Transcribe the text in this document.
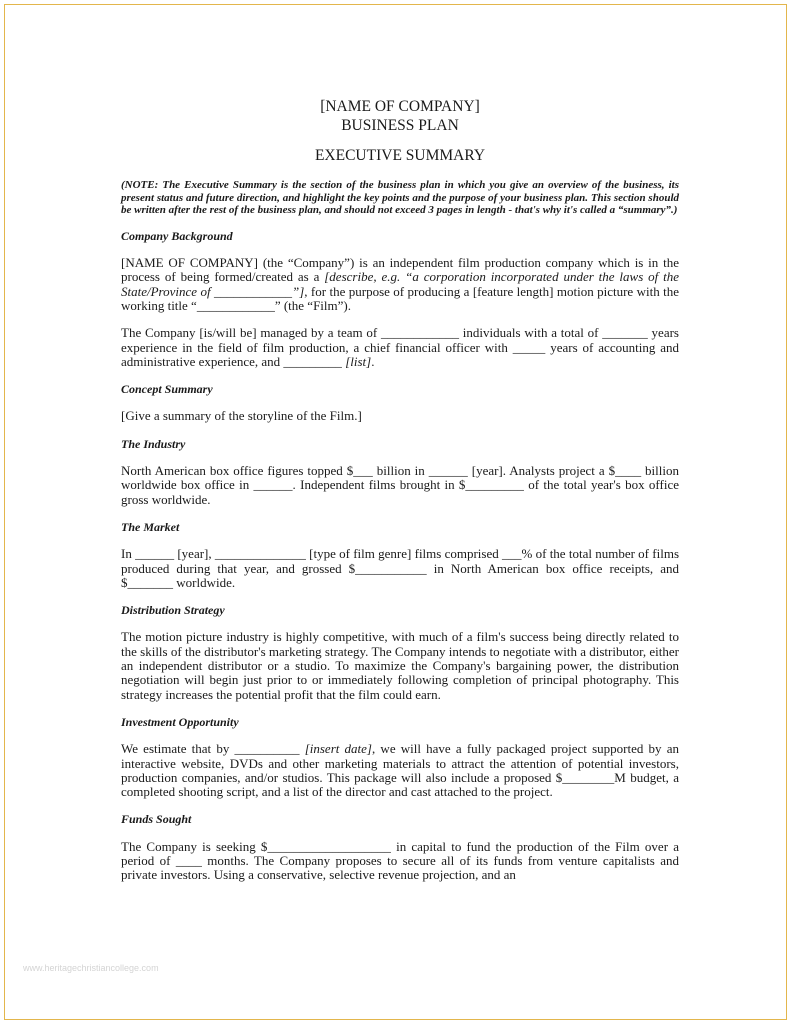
[NAME OF COMPANY]
BUSINESS PLAN
EXECUTIVE SUMMARY

(NOTE: The Executive Summary is the section of the business plan in which you give an overview of the business, its present status and future direction, and highlight the key points and the purpose of your business plan. This section should be written after the rest of the business plan, and should not exceed 3 pages in length - that's why it's called a “summary”.)

Company Background

[NAME OF COMPANY] (the “Company”) is an independent film production company which is in the process of being formed/created as a [describe, e.g. “a corporation incorporated under the laws of the State/Province of ____________”], for the purpose of producing a [feature length] motion picture with the working title “____________” (the “Film”).

The Company [is/will be] managed by a team of ____________ individuals with a total of _______ years experience in the field of film production, a chief financial officer with _____ years of accounting and administrative experience, and _________ [list].

Concept Summary

[Give a summary of the storyline of the Film.]

The Industry

North American box office figures topped $___ billion in ______ [year]. Analysts project a $____ billion worldwide box office in ______. Independent films brought in $_________ of the total year's box office gross worldwide.

The Market

In ______ [year], ______________ [type of film genre] films comprised ___% of the total number of films produced during that year, and grossed $___________ in North American box office receipts, and $_______ worldwide.

Distribution Strategy

The motion picture industry is highly competitive, with much of a film's success being directly related to the skills of the distributor's marketing strategy. The Company intends to negotiate with a distributor, either an independent distributor or a studio. To maximize the Company's bargaining power, the distribution negotiation will begin just prior to or immediately following completion of principal photography. This strategy increases the potential profit that the film could earn.

Investment Opportunity

We estimate that by __________ [insert date], we will have a fully packaged project supported by an interactive website, DVDs and other marketing materials to attract the attention of potential investors, production companies, and/or studios. This package will also include a proposed $________M budget, a completed shooting script, and a list of the director and cast attached to the project.

Funds Sought

The Company is seeking $___________________ in capital to fund the production of the Film over a period of ____ months. The Company proposes to secure all of its funds from venture capitalists and private investors. Using a conservative, selective revenue projection, and an

www.heritagechristiancollege.com
